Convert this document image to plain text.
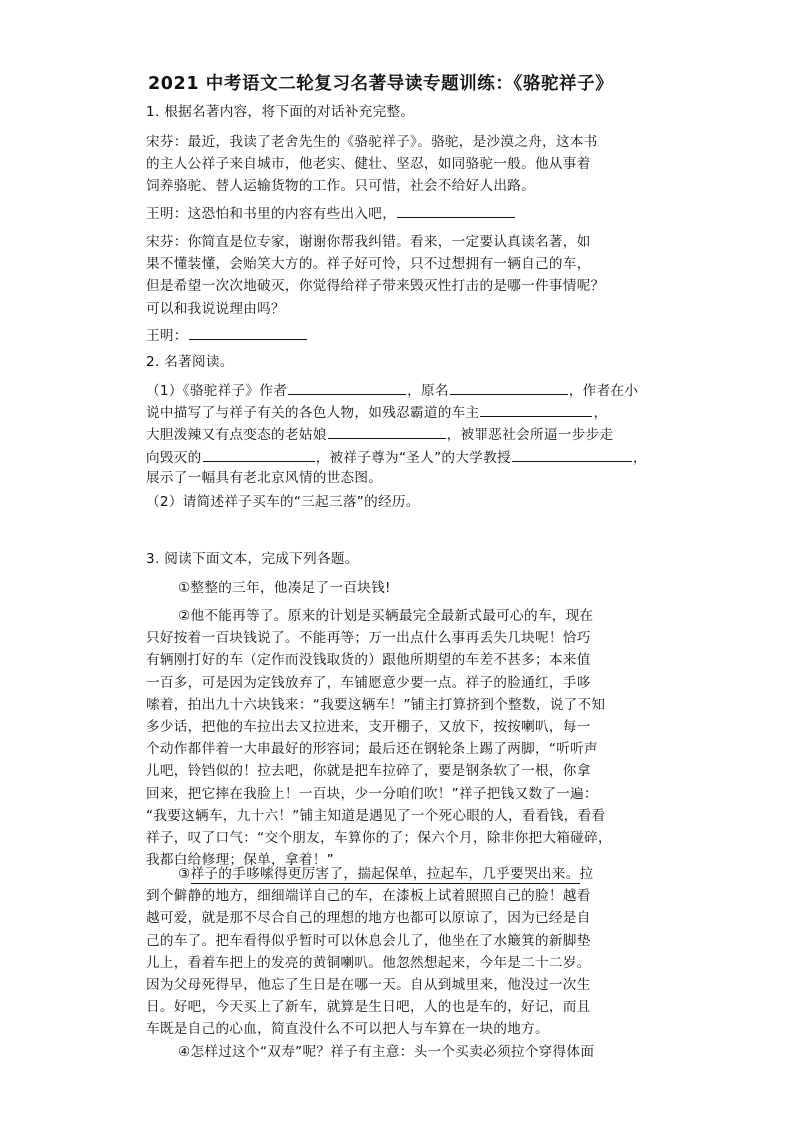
2021 中考语文二轮复习名著导读专题训练：《骆驼祥子》
1. 根据名著内容，将下面的对话补充完整。
宋芬：最近，我读了老舍先生的《骆驼祥子》。骆驼，是沙漠之舟，这本书
的主人公祥子来自城市，他老实、健壮、坚忍，如同骆驼一般。他从事着
饲养骆驼、替人运输货物的工作。只可惜，社会不给好人出路。
王明：这恐怕和书里的内容有些出入吧，
宋芬：你简直是位专家，谢谢你帮我纠错。看来，一定要认真读名著，如
果不懂装懂，会贻笑大方的。祥子好可怜，只不过想拥有一辆自己的车，
但是希望一次次地破灭，你觉得给祥子带来毁灭性打击的是哪一件事情呢？
可以和我说说理由吗？
王明：
2. 名著阅读。
（1）《骆驼祥子》作者	，原名	，作者在小
说中描写了与祥子有关的各色人物，如残忍霸道的车主	，
大胆泼辣又有点变态的老姑娘	，被罪恶社会所逼一步步走
向毁灭的	，被祥子尊为“圣人”的大学教授	，
展示了一幅具有老北京风情的世态图。
（2）请简述祥子买车的“三起三落”的经历。
3. 阅读下面文本，完成下列各题。
①整整的三年，他凑足了一百块钱!
②他不能再等了。原来的计划是买辆最完全最新式最可心的车，现在
只好按着一百块钱说了。不能再等；万一出点什么事再丢失几块呢！恰巧
有辆刚打好的车（定作而没钱取货的）跟他所期望的车差不甚多；本来值
一百多，可是因为定钱放弃了，车铺愿意少要一点。祥子的脸通红，手哆
嗦着，拍出九十六块钱来：“我要这辆车！”铺主打算挤到个整数，说了不知
多少话，把他的车拉出去又拉进来，支开棚子，又放下，按按喇叭，每一
个动作都伴着一大串最好的形容词；最后还在钢轮条上踢了两脚，“听听声
儿吧，铃铛似的！拉去吧，你就是把车拉碎了，要是钢条软了一根，你拿
回来，把它摔在我脸上！一百块，少一分咱们吹！”祥子把钱又数了一遍：
“我要这辆车，九十六！”铺主知道是遇见了一个死心眼的人，看看钱，看看
祥子，叹了口气：“交个朋友，车算你的了；保六个月，除非你把大箱碰碎，
我都白给修理；保单，拿着！”
③祥子的手哆嗦得更厉害了，揣起保单，拉起车，几乎要哭出来。拉
到个僻静的地方，细细端详自己的车，在漆板上试着照照自己的脸！越看
越可爱，就是那不尽合自己的理想的地方也都可以原谅了，因为已经是自
己的车了。把车看得似乎暂时可以休息会儿了，他坐在了水簸箕的新脚垫
儿上，看着车把上的发亮的黄铜喇叭。他忽然想起来，今年是二十二岁。
因为父母死得早，他忘了生日是在哪一天。自从到城里来，他没过一次生
日。好吧，今天买上了新车，就算是生日吧，人的也是车的，好记，而且
车既是自己的心血，简直没什么不可以把人与车算在一块的地方。
④怎样过这个“双寿”呢？祥子有主意：头一个买卖必须拉个穿得体面
